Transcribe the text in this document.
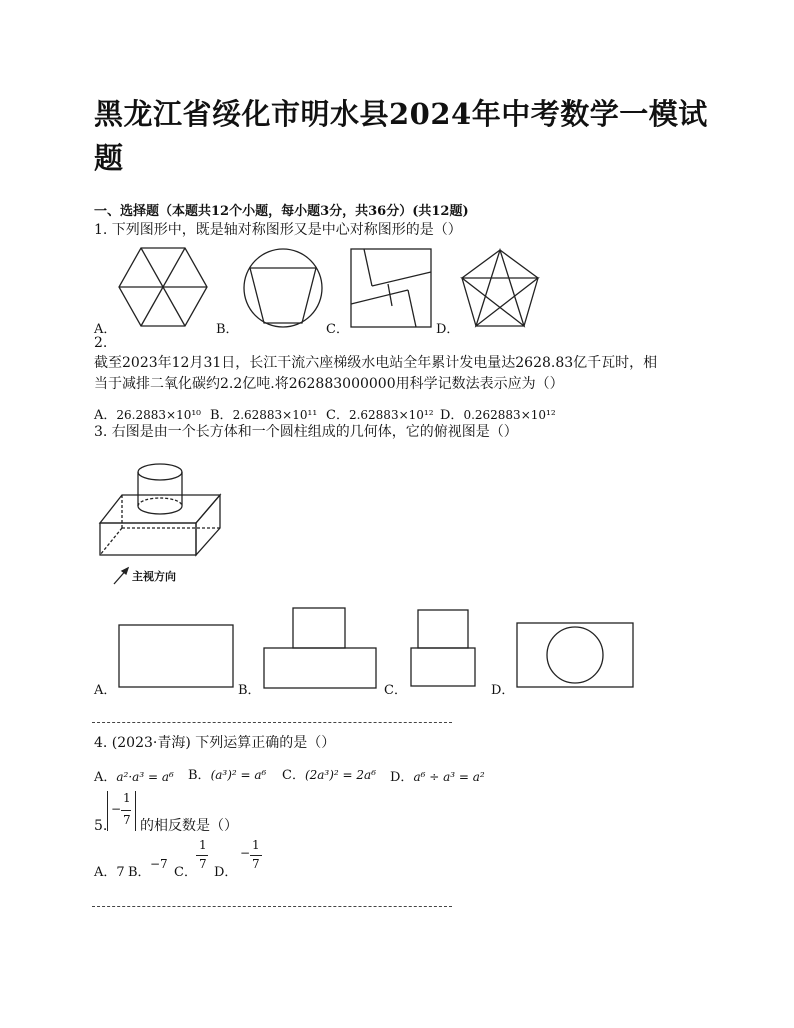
黑龙江省绥化市明水县2024年中考数学一模试题
一、选择题（本题共12个小题，每小题3分，共36分）(共12题)
1. 下列图形中，既是轴对称图形又是中心对称图形的是（）
A．	B．	C．	D．
2.
截至2023年12月31日，长江干流六座梯级水电站全年累计发电量达2628.83亿千瓦时，相
当于减排二氧化碳约2.2亿吨.将262883000000用科学记数法表示应为（）
A．26.2883×10¹⁰ B．2.62883×10¹¹ C．2.62883×10¹² D．0.262883×10¹²
3. 右图是由一个长方体和一个圆柱组成的几何体，它的俯视图是（）
主视方向
A．	B．	C．	D．
4. (2023·青海) 下列运算正确的是（）
A．a²·a³ = a⁶ B．(a³)² = a⁶ C．(2a³)² = 2a⁶ D．a⁶ ÷ a³ = a²
5.
−
1
7 的相反数是（）
A．7 B．
−7
C．
1
7
D．
−
1
7
